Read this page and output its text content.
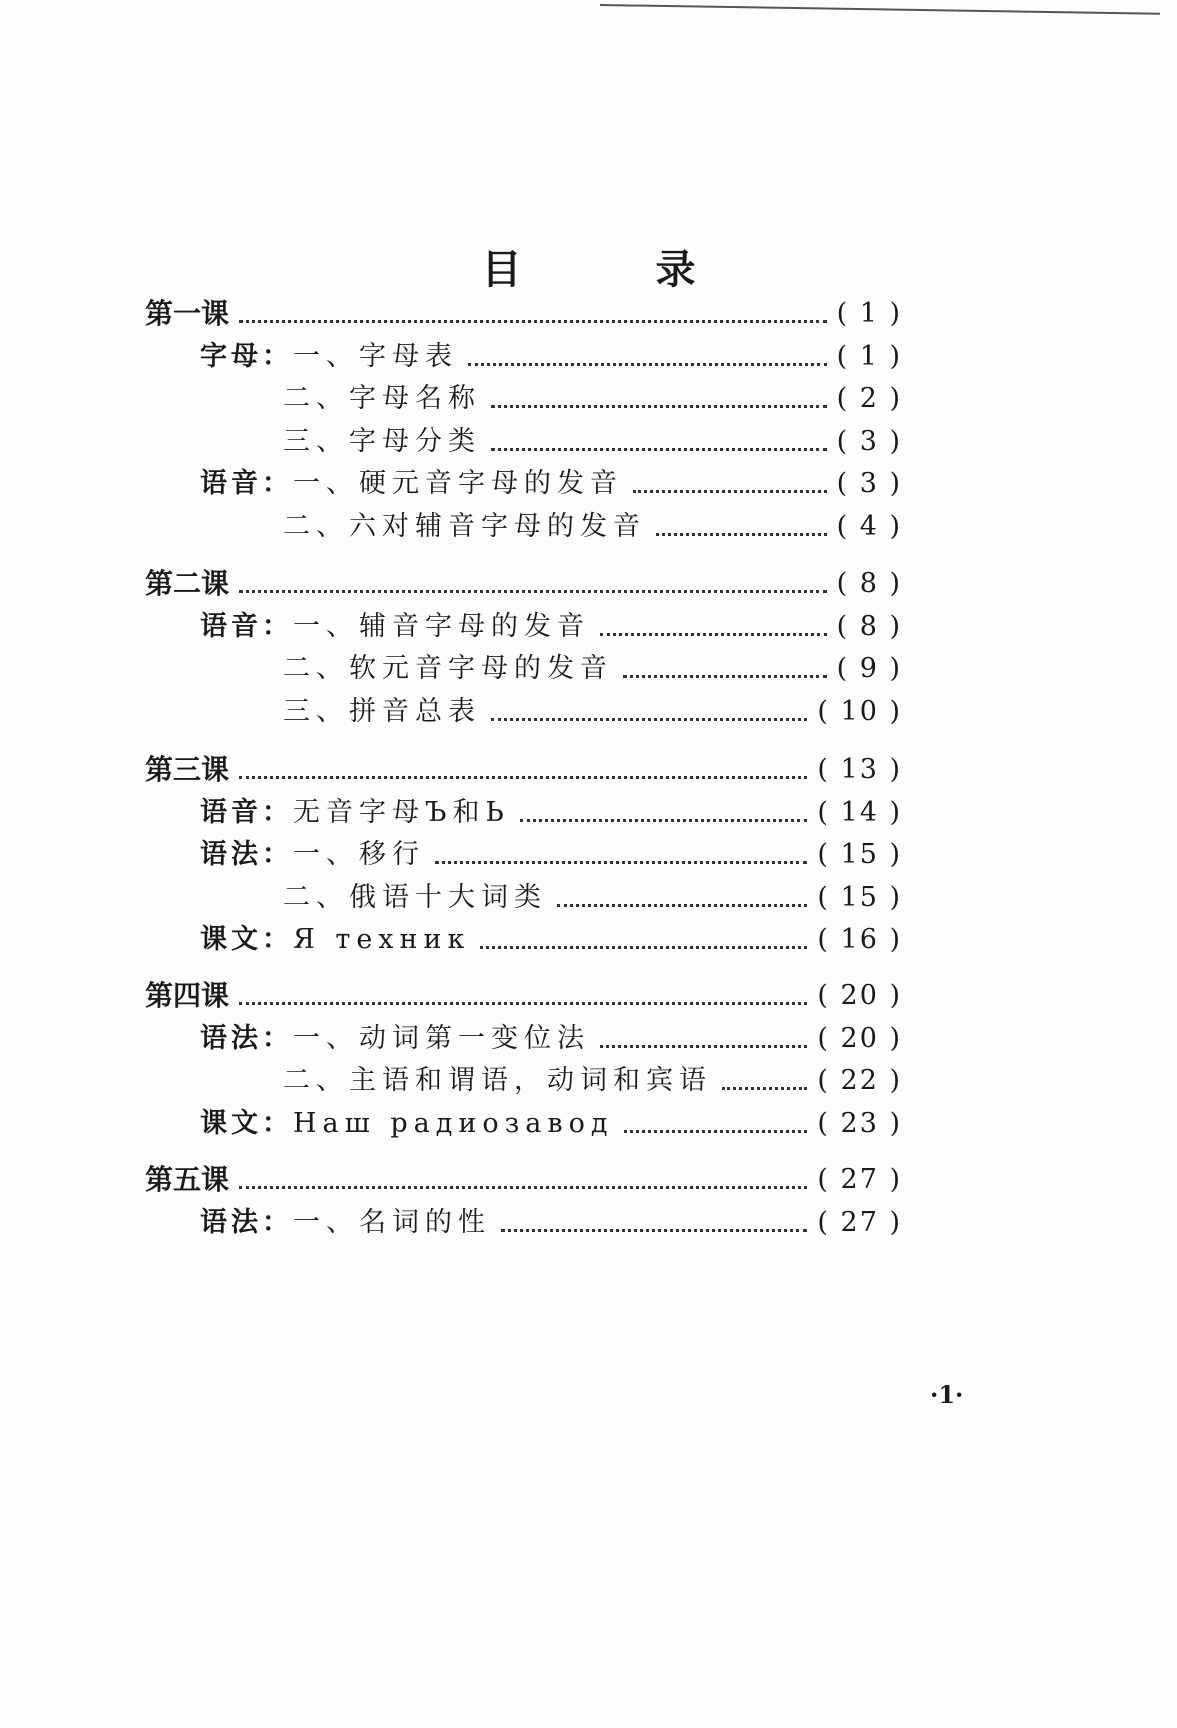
目 录
第一课	( 1 )
字母： 一、字母表	( 1 )
二、字母名称	( 2 )
三、字母分类	( 3 )
语音： 一、硬元音字母的发音	( 3 )
二、六对辅音字母的发音	( 4 )
第二课	( 8 )
语音： 一、辅音字母的发音	( 8 )
二、软元音字母的发音	( 9 )
三、拼音总表	( 10 )
第三课	( 13 )
语音： 无音字母Ъ和Ь	( 14 )
语法： 一、移行	( 15 )
二、俄语十大词类	( 15 )
课文： Я техник	( 16 )
第四课	( 20 )
语法： 一、动词第一变位法	( 20 )
二、主语和谓语，动词和宾语	( 22 )
课文： Наш радиозавод	( 23 )
第五课	( 27 )
语法： 一、名词的性	( 27 )
·1·
